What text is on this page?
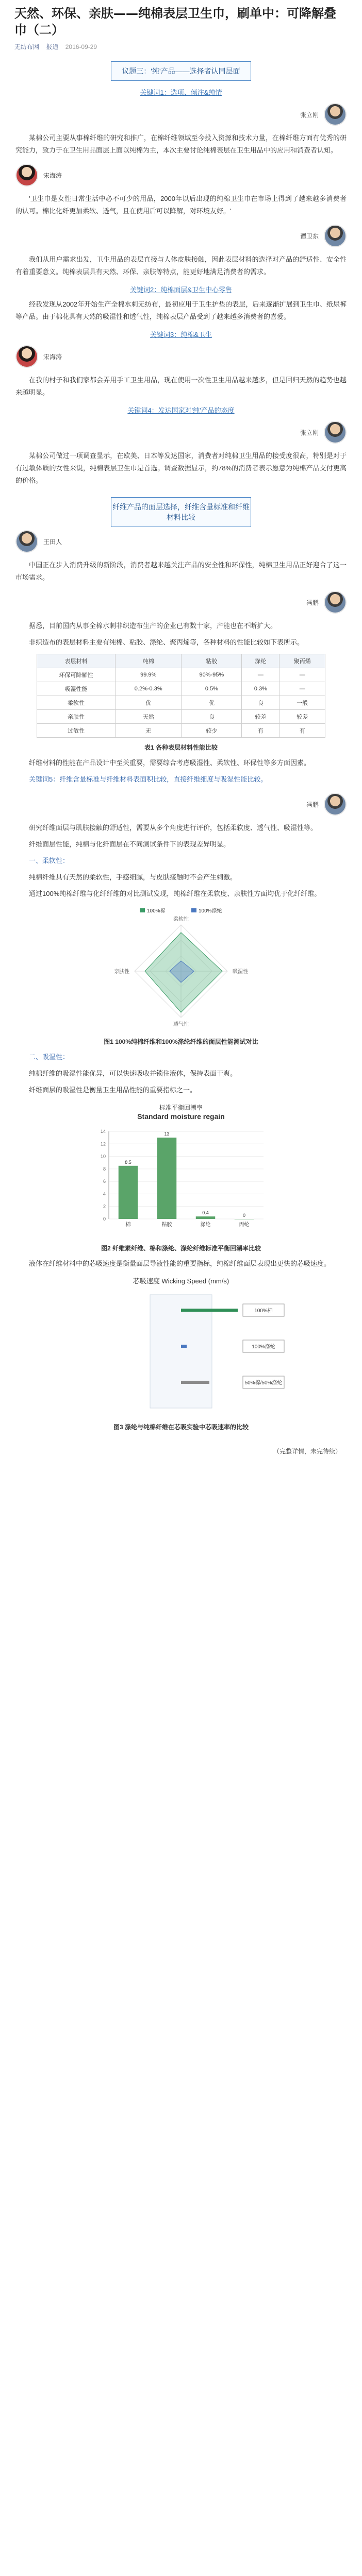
天然、环保、亲肤——纯棉表层卫生巾，刷单中：可降解叠巾（二）
无纺布网 报道 2016-09-29
议题三：'纯'产品——选择者认同层面
关键词1：选项、倾注&纯情
张立刚

某棉公司主要从事棉纤维的研究和推广，在棉纤维领域至今投入资源和技术力量，在棉纤维方面有优秀的研究能力，致力于在卫生用品面层上面以纯棉为主，本次主要讨论纯棉表层在卫生用品中的应用和消费者认知。

宋海涛

'卫生巾是女性日常生活中必不可少的用品，2000年以后出现的纯棉卫生巾在市场上得到了越来越多消费者的认可。棉比化纤更加柔软、透气，且在使用后可以降解，对环境友好。'

谭卫东

我们从用户需求出发，卫生用品的表层直接与人体皮肤接触，因此表层材料的选择对产品的舒适性、安全性有着重要意义。纯棉表层具有天然、环保、亲肤等特点，能更好地满足消费者的需求。

关键词2：纯棉面层&卫生中心零售

经我发现从2002年开始生产全棉水刺无纺布，最初应用于卫生护垫的表层，后来逐渐扩展到卫生巾、纸尿裤等产品。由于棉花具有天然的吸湿性和透气性，纯棉表层产品受到了越来越多消费者的喜爱。

关键词3：纯棉&卫生
宋海涛

在我的村子和我们家都会弄用手工卫生用品，现在使用一次性卫生用品越来越多，但是回归天然的趋势也越来越明显。

关键词4：发达国家对'纯'产品的态度
张立刚

某棉公司做过一项调查显示，在欧美、日本等发达国家，消费者对纯棉卫生用品的接受度很高，特别是对于有过敏体质的女性来说，纯棉表层卫生巾是首选。调查数据显示，约78%的消费者表示愿意为纯棉产品支付更高的价格。

纤维产品的面层选择，纤维含量标准和纤维材料比较
王田人

中国正在步入消费升级的新阶段，消费者越来越关注产品的安全性和环保性，纯棉卫生用品正好迎合了这一市场需求。

冯鹏

据悉，目前国内从事全棉水刺非织造布生产的企业已有数十家，产能也在不断扩大。

非织造布的表层材料主要有纯棉、粘胶、涤纶、聚丙烯等，各种材料的性能比较如下表所示。

表层材料	纯棉	粘胶	涤纶	聚丙烯
环保可降解性	99.9%	90%-95%	—	—
吸湿性能	0.2%-0.3%	0.5%	0.3%	—
柔软性	优	优	良	一般
亲肤性	天然	良	较差	较差
过敏性	无	较少	有	有
表1 各种表层材料性能比较

纤维材料的性能在产品设计中至关重要，需要综合考虑吸湿性、柔软性、环保性等多方面因素。

关键词5：纤维含量标准与纤维材料表面积比较，直接纤维细度与吸湿性能比较。

冯鹏

研究纤维面层与肌肤接触的舒适性，需要从多个角度进行评价，包括柔软度、透气性、吸湿性等。

纤维面层性能，纯棉与化纤面层在不同测试条件下的表现差异明显。

一、柔软性：

纯棉纤维具有天然的柔软性，手感细腻，与皮肤接触时不会产生刺激。

通过100%纯棉纤维与化纤纤维的对比测试发现，纯棉纤维在柔软度、亲肤性方面均优于化纤纤维。

柔软性
吸湿性
透气性
亲肤性
100%棉	100%涤纶
图1 100%纯棉纤维和100%涤纶纤维的面层性能测试对比

二、吸湿性：

纯棉纤维的吸湿性能优异，可以快速吸收并锁住液体，保持表面干爽。

纤维面层的吸湿性是衡量卫生用品性能的重要指标之一。

标准平衡回潮率
Standard moisture regain
0
2
4
6
8
10
12
14
棉
8.5
粘胶
13
涤纶
0.4
丙纶
0
图2 纤维素纤维、棉和涤纶、涤纶纤维标准平衡回潮率比较

液体在纤维材料中的芯吸速度是衡量面层导液性能的重要指标，纯棉纤维面层表现出更快的芯吸速度。

芯吸速度 Wicking Speed (mm/s)
100%棉
100%涤纶
50%棉/50%涤纶
图3 涤纶与纯棉纤维在芯吸实验中芯吸速率的比较
（完整详情，未完待续）
